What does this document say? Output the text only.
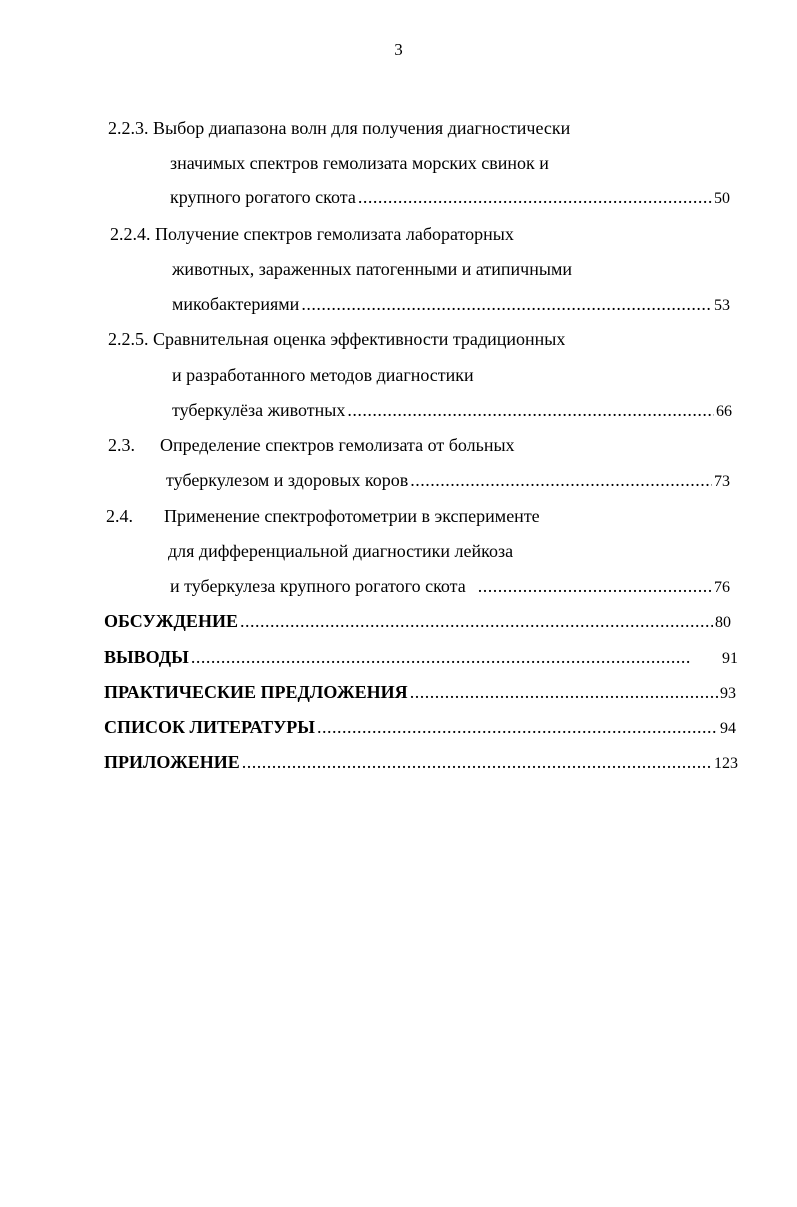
3
2.2.3. Выбор диапазона волн для получения диагностически
значимых спектров гемолизата морских свинок и
крупного рогатого скота . . .	50
2.2.4. Получение спектров гемолизата лабораторных
животных, зараженных патогенными и атипичными
микобактериями . . .	53
2.2.5. Сравнительная оценка эффективности традиционных
и разработанного методов диагностики
туберкулёза животных . . .	66
2.3. Определение спектров гемолизата от больных
туберкулезом и здоровых коров . . .	73
2.4. Применение спектрофотометрии в эксперименте
для дифференциальной диагностики лейкоза
и туберкулеза крупного рогатого скота . . .	76
ОБСУЖДЕНИЕ . . .	80
ВЫВОДЫ . . .	91
ПРАКТИЧЕСКИЕ ПРЕДЛОЖЕНИЯ . . .	93
СПИСОК ЛИТЕРАТУРЫ . . .	94
ПРИЛОЖЕНИЕ . . .	123
